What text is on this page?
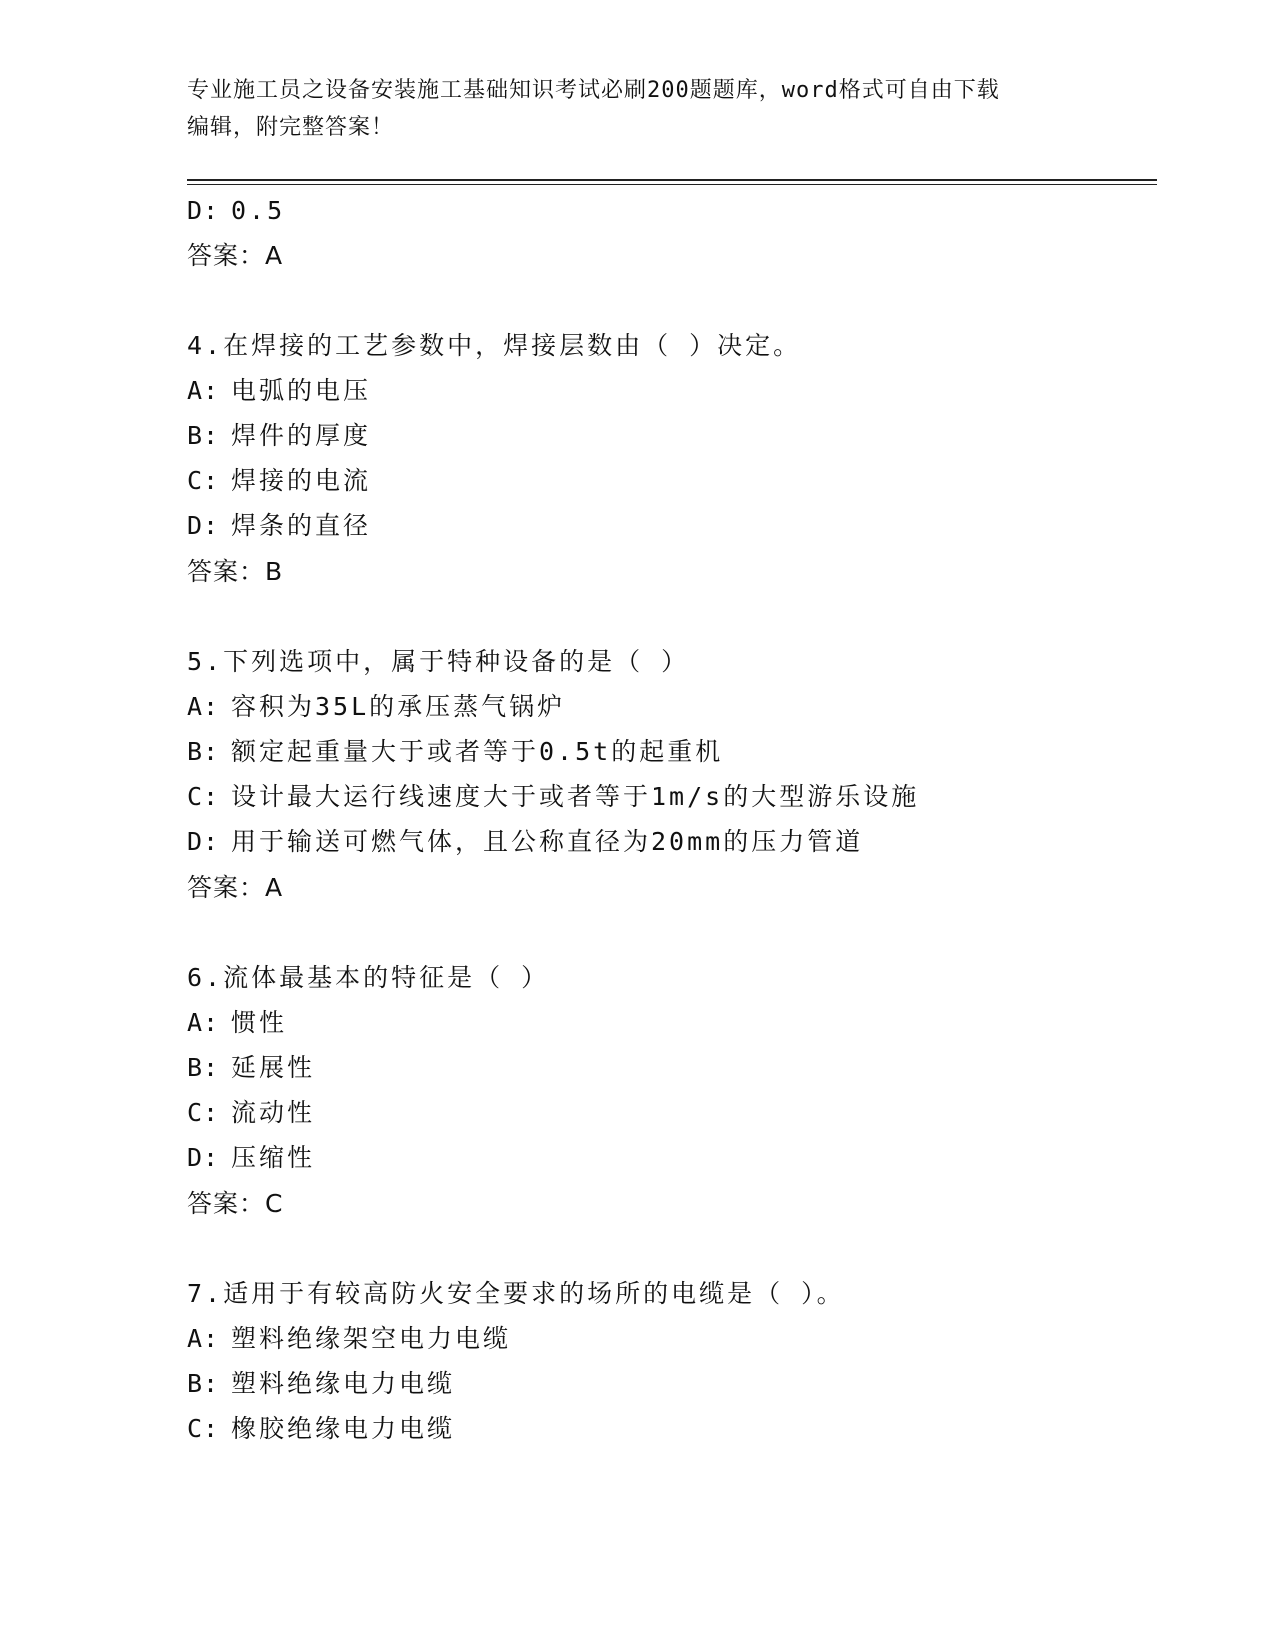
专业施工员之设备安装施工基础知识考试必刷200题题库，word格式可自由下载
编辑，附完整答案！
D: 0.5
答案：A
4.在焊接的工艺参数中，焊接层数由（ ）决定。
A: 电弧的电压
B: 焊件的厚度
C: 焊接的电流
D: 焊条的直径
答案：B
5.下列选项中，属于特种设备的是（ ）
A: 容积为35L的承压蒸气锅炉
B: 额定起重量大于或者等于0.5t的起重机
C: 设计最大运行线速度大于或者等于1m/s的大型游乐设施
D: 用于输送可燃气体，且公称直径为20mm的压力管道
答案：A
6.流体最基本的特征是（ ）
A: 惯性
B: 延展性
C: 流动性
D: 压缩性
答案：C
7.适用于有较高防火安全要求的场所的电缆是（ ）。
A: 塑料绝缘架空电力电缆
B: 塑料绝缘电力电缆
C: 橡胶绝缘电力电缆
